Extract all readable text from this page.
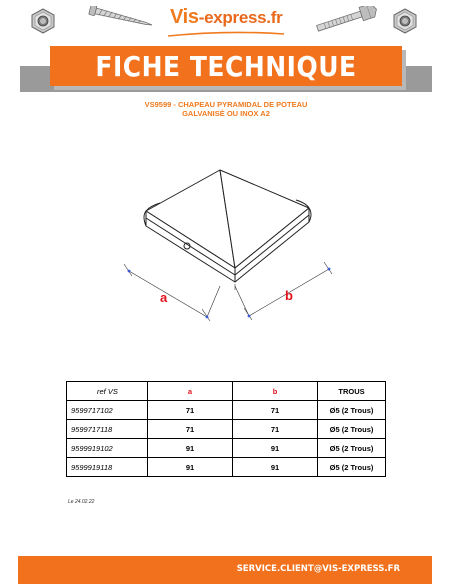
Vis-express.fr
FICHE TECHNIQUE
VS9599 - CHAPEAU PYRAMIDAL DE POTEAU
GALVANISÉ OU INOX A2
a	b
ref VS	a	b	TROUS
9599717102	71	71	Ø5 (2 Trous)
9599717118	71	71	Ø5 (2 Trous)
9599919102	91	91	Ø5 (2 Trous)
9599919118	91	91	Ø5 (2 Trous)
Le 24.02.22
SERVICE.CLIENT@VIS-EXPRESS.FR
